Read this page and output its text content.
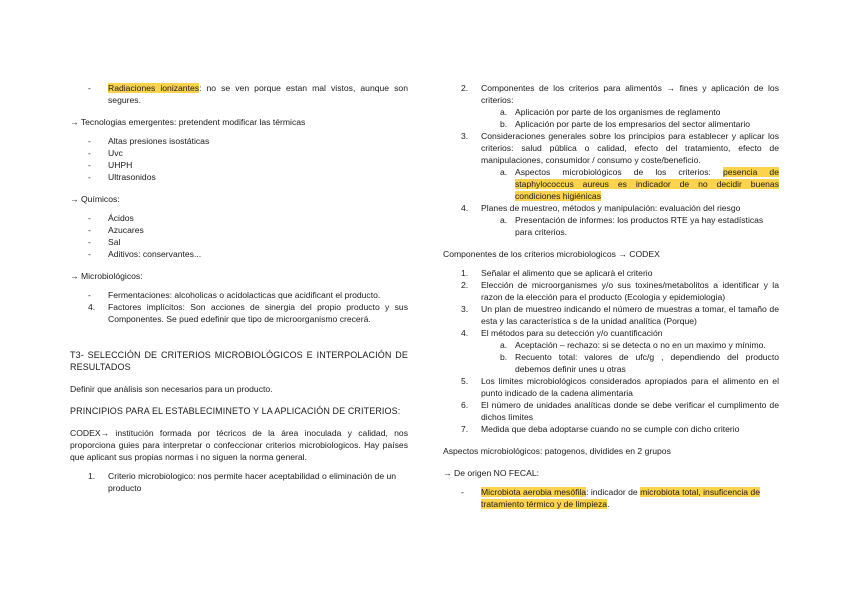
- Radiaciones ionizantes: no se ven porque estan mal vistos, aunque son segures.

→ Tecnologias emergentes: pretendent modificar las térmicas

- Altas presiones isostáticas

- Uvc

- UHPH

- Ultrasonidos

→ Químicos:

- Ácidos

- Azucares

- Sal

- Aditivos: conservantes...

→ Microbiológicos:

- Fermentaciones: alcoholicas o acidolacticas que acidificant el producto.

4. Factores implícitos: Son acciones de sinergia del propio producto y sus Componentes. Se pued edefinir que tipo de microorganismo crecerá.

T3- SELECCIÓN DE CRITERIOS MICROBIOLÓGICOS E INTERPOLACIÓN DE RESULTADOS

Definir que anàlisis son necesarios para un producto.

PRINCIPIOS PARA EL ESTABLECIMINETO Y LA APLICACIÓN DE CRITERIOS:

CODEX→ institución formada por técricos de la área inoculada y calidad, nos proporciona guies para interpretar o confeccionar criterios microbiologicos. Hay países que aplicant sus propias normas i no siguen la norma general.

1. Criterio microbiologico: nos permite hacer aceptabilidad o eliminación de un producto

2. Componentes de los criterios para alimentós → fines y aplicación de los criterios:

a. Aplicación por parte de los organismes de reglamento

b. Aplicación por parte de los empresarios del sector alimentario

3. Consideraciones generales sobre los principios para establecer y aplicar los criterios: salud pública o calidad, efecto del tratamiento, efecto de manipulaciones, consumidor / consumo y coste/beneficio.

a. Aspectos microbiológicos de los criterios: pesencia de staphylococcus aureus es indicador de no decidir buenas condiciones higiénicas

4. Planes de muestreo, métodos y manipulación: evaluación del riesgo

a. Presentación de informes: los productos RTE ya hay estadísticas para criterios.

Componentes de los criterios microbiologicos → CODEX

1. Señalar el alimento que se aplicarà el criterio

2. Elección de microorganismes y/o sus toxines/metabolitos a identificar y la razon de la elección para el producto (Ecologia y epidemiologia)

3. Un plan de muestreo indicando el número de muestras a tomar, el tamaño de esta y las característica s de la unidad analítica (Porque)

4. El métodos para su detección y/o cuantificación

a. Aceptación – rechazo: si se detecta o no en un maximo y mínimo.

b. Recuento total: valores de ufc/g , dependiendo del producto debemos definir unes u otras

5. Los limites microbiológicos considerados apropiados para el alimento en el punto indicado de la cadena alimentaria

6. El número de unidades analíticas donde se debe verificar el cumplimento de dichos límites

7. Medida que deba adoptarse cuando no se cumple con dicho criterio

Aspectos microbiológicos: patogenos, dividides en 2 grupos

→ De origen NO FECAL:

- Microbiota aerobia mesófila: indicador de microbiota total, insuficencia de tratamiento térmico y de limpieza.
